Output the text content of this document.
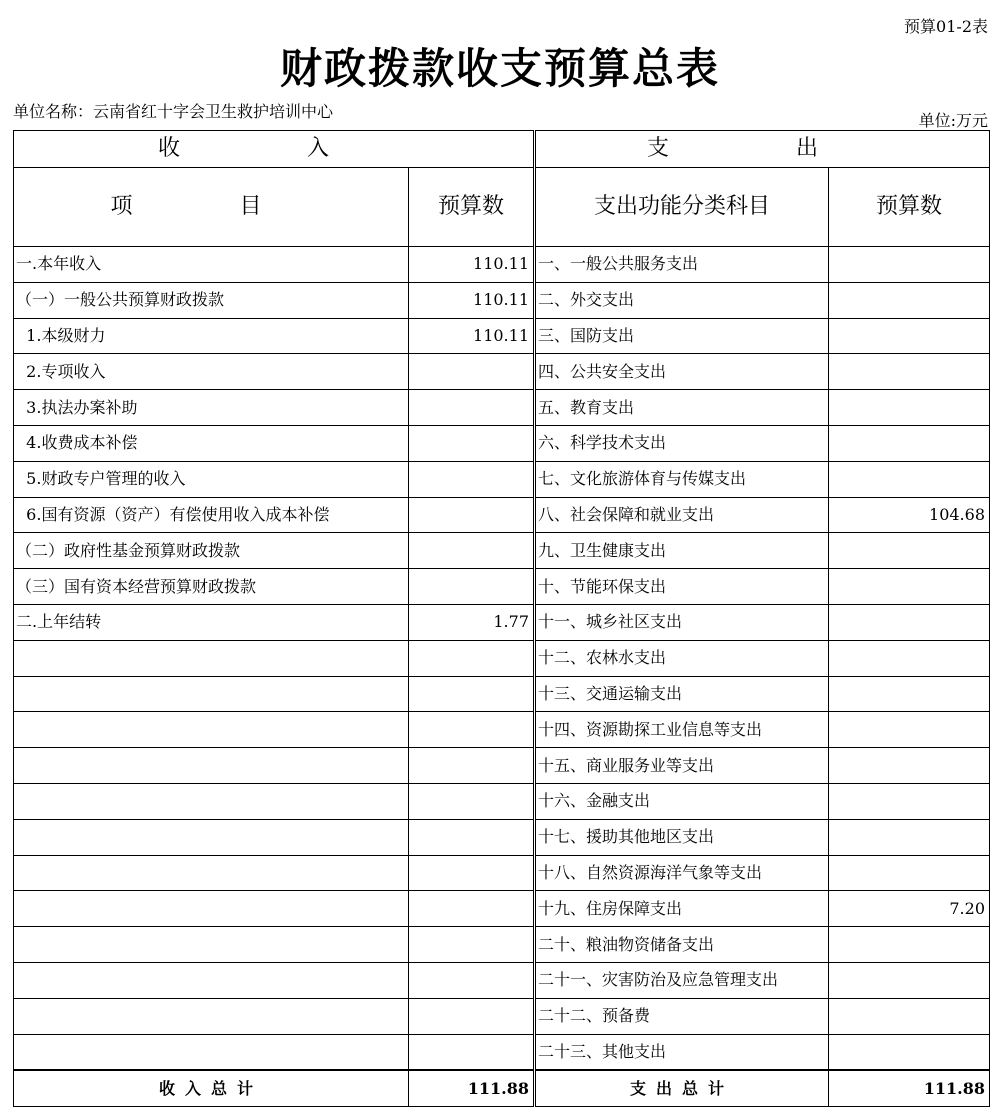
预算01-2表
财政拨款收支预算总表
单位名称：云南省红十字会卫生救护培训中心	单位:万元
收 入		支 出	
项 目	预算数	支出功能分类科目	预算数
一.本年收入	110.11	一、一般公共服务支出	
（一）一般公共预算财政拨款	110.11	二、外交支出	
1.本级财力	110.11	三、国防支出	
2.专项收入		四、公共安全支出	
3.执法办案补助		五、教育支出	
4.收费成本补偿		六、科学技术支出	
5.财政专户管理的收入		七、文化旅游体育与传媒支出	
6.国有资源（资产）有偿使用收入成本补偿		八、社会保障和就业支出	104.68
（二）政府性基金预算财政拨款		九、卫生健康支出	
（三）国有资本经营预算财政拨款		十、节能环保支出	
二.上年结转	1.77	十一、城乡社区支出	
		十二、农林水支出	
		十三、交通运输支出	
		十四、资源勘探工业信息等支出	
		十五、商业服务业等支出	
		十六、金融支出	
		十七、援助其他地区支出	
		十八、自然资源海洋气象等支出	
		十九、住房保障支出	7.20
		二十、粮油物资储备支出	
		二十一、灾害防治及应急管理支出	
		二十二、预备费	
		二十三、其他支出	
收入总计	111.88	支出总计	111.88
